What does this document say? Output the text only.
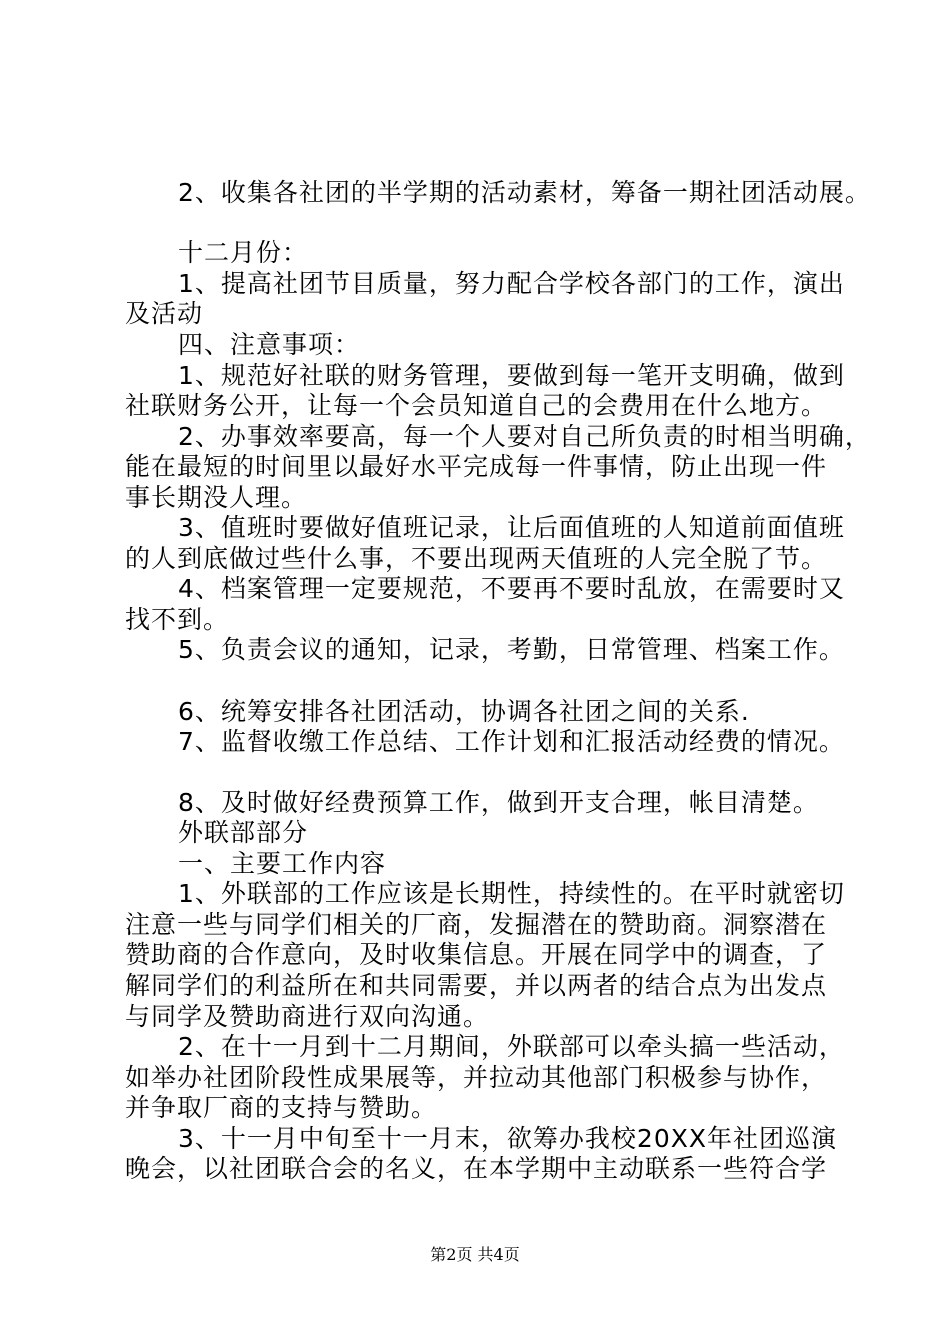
2、收集各社团的半学期的活动素材，筹备一期社团活动展。
十二月份：
1、提高社团节目质量，努力配合学校各部门的工作，演出
及活动
四、注意事项：
1、规范好社联的财务管理，要做到每一笔开支明确，做到
社联财务公开，让每一个会员知道自己的会费用在什么地方。
2、办事效率要高，每一个人要对自己所负责的时相当明确，
能在最短的时间里以最好水平完成每一件事情，防止出现一件
事长期没人理。
3、值班时要做好值班记录，让后面值班的人知道前面值班
的人到底做过些什么事，不要出现两天值班的人完全脱了节。
4、档案管理一定要规范，不要再不要时乱放，在需要时又
找不到。
5、负责会议的通知，记录，考勤，日常管理、档案工作。
6、统筹安排各社团活动，协调各社团之间的关系.
7、监督收缴工作总结、工作计划和汇报活动经费的情况。
8、及时做好经费预算工作，做到开支合理，帐目清楚。
外联部部分
一、主要工作内容
1、外联部的工作应该是长期性，持续性的。在平时就密切
注意一些与同学们相关的厂商，发掘潜在的赞助商。洞察潜在
赞助商的合作意向，及时收集信息。开展在同学中的调查，了
解同学们的利益所在和共同需要，并以两者的结合点为出发点
与同学及赞助商进行双向沟通。
2、在十一月到十二月期间，外联部可以牵头搞一些活动，
如举办社团阶段性成果展等，并拉动其他部门积极参与协作，
并争取厂商的支持与赞助。
3、十一月中旬至十一月末，欲筹办我校20XX年社团巡演
晚会，以社团联合会的名义，在本学期中主动联系一些符合学
第2页 共4页
